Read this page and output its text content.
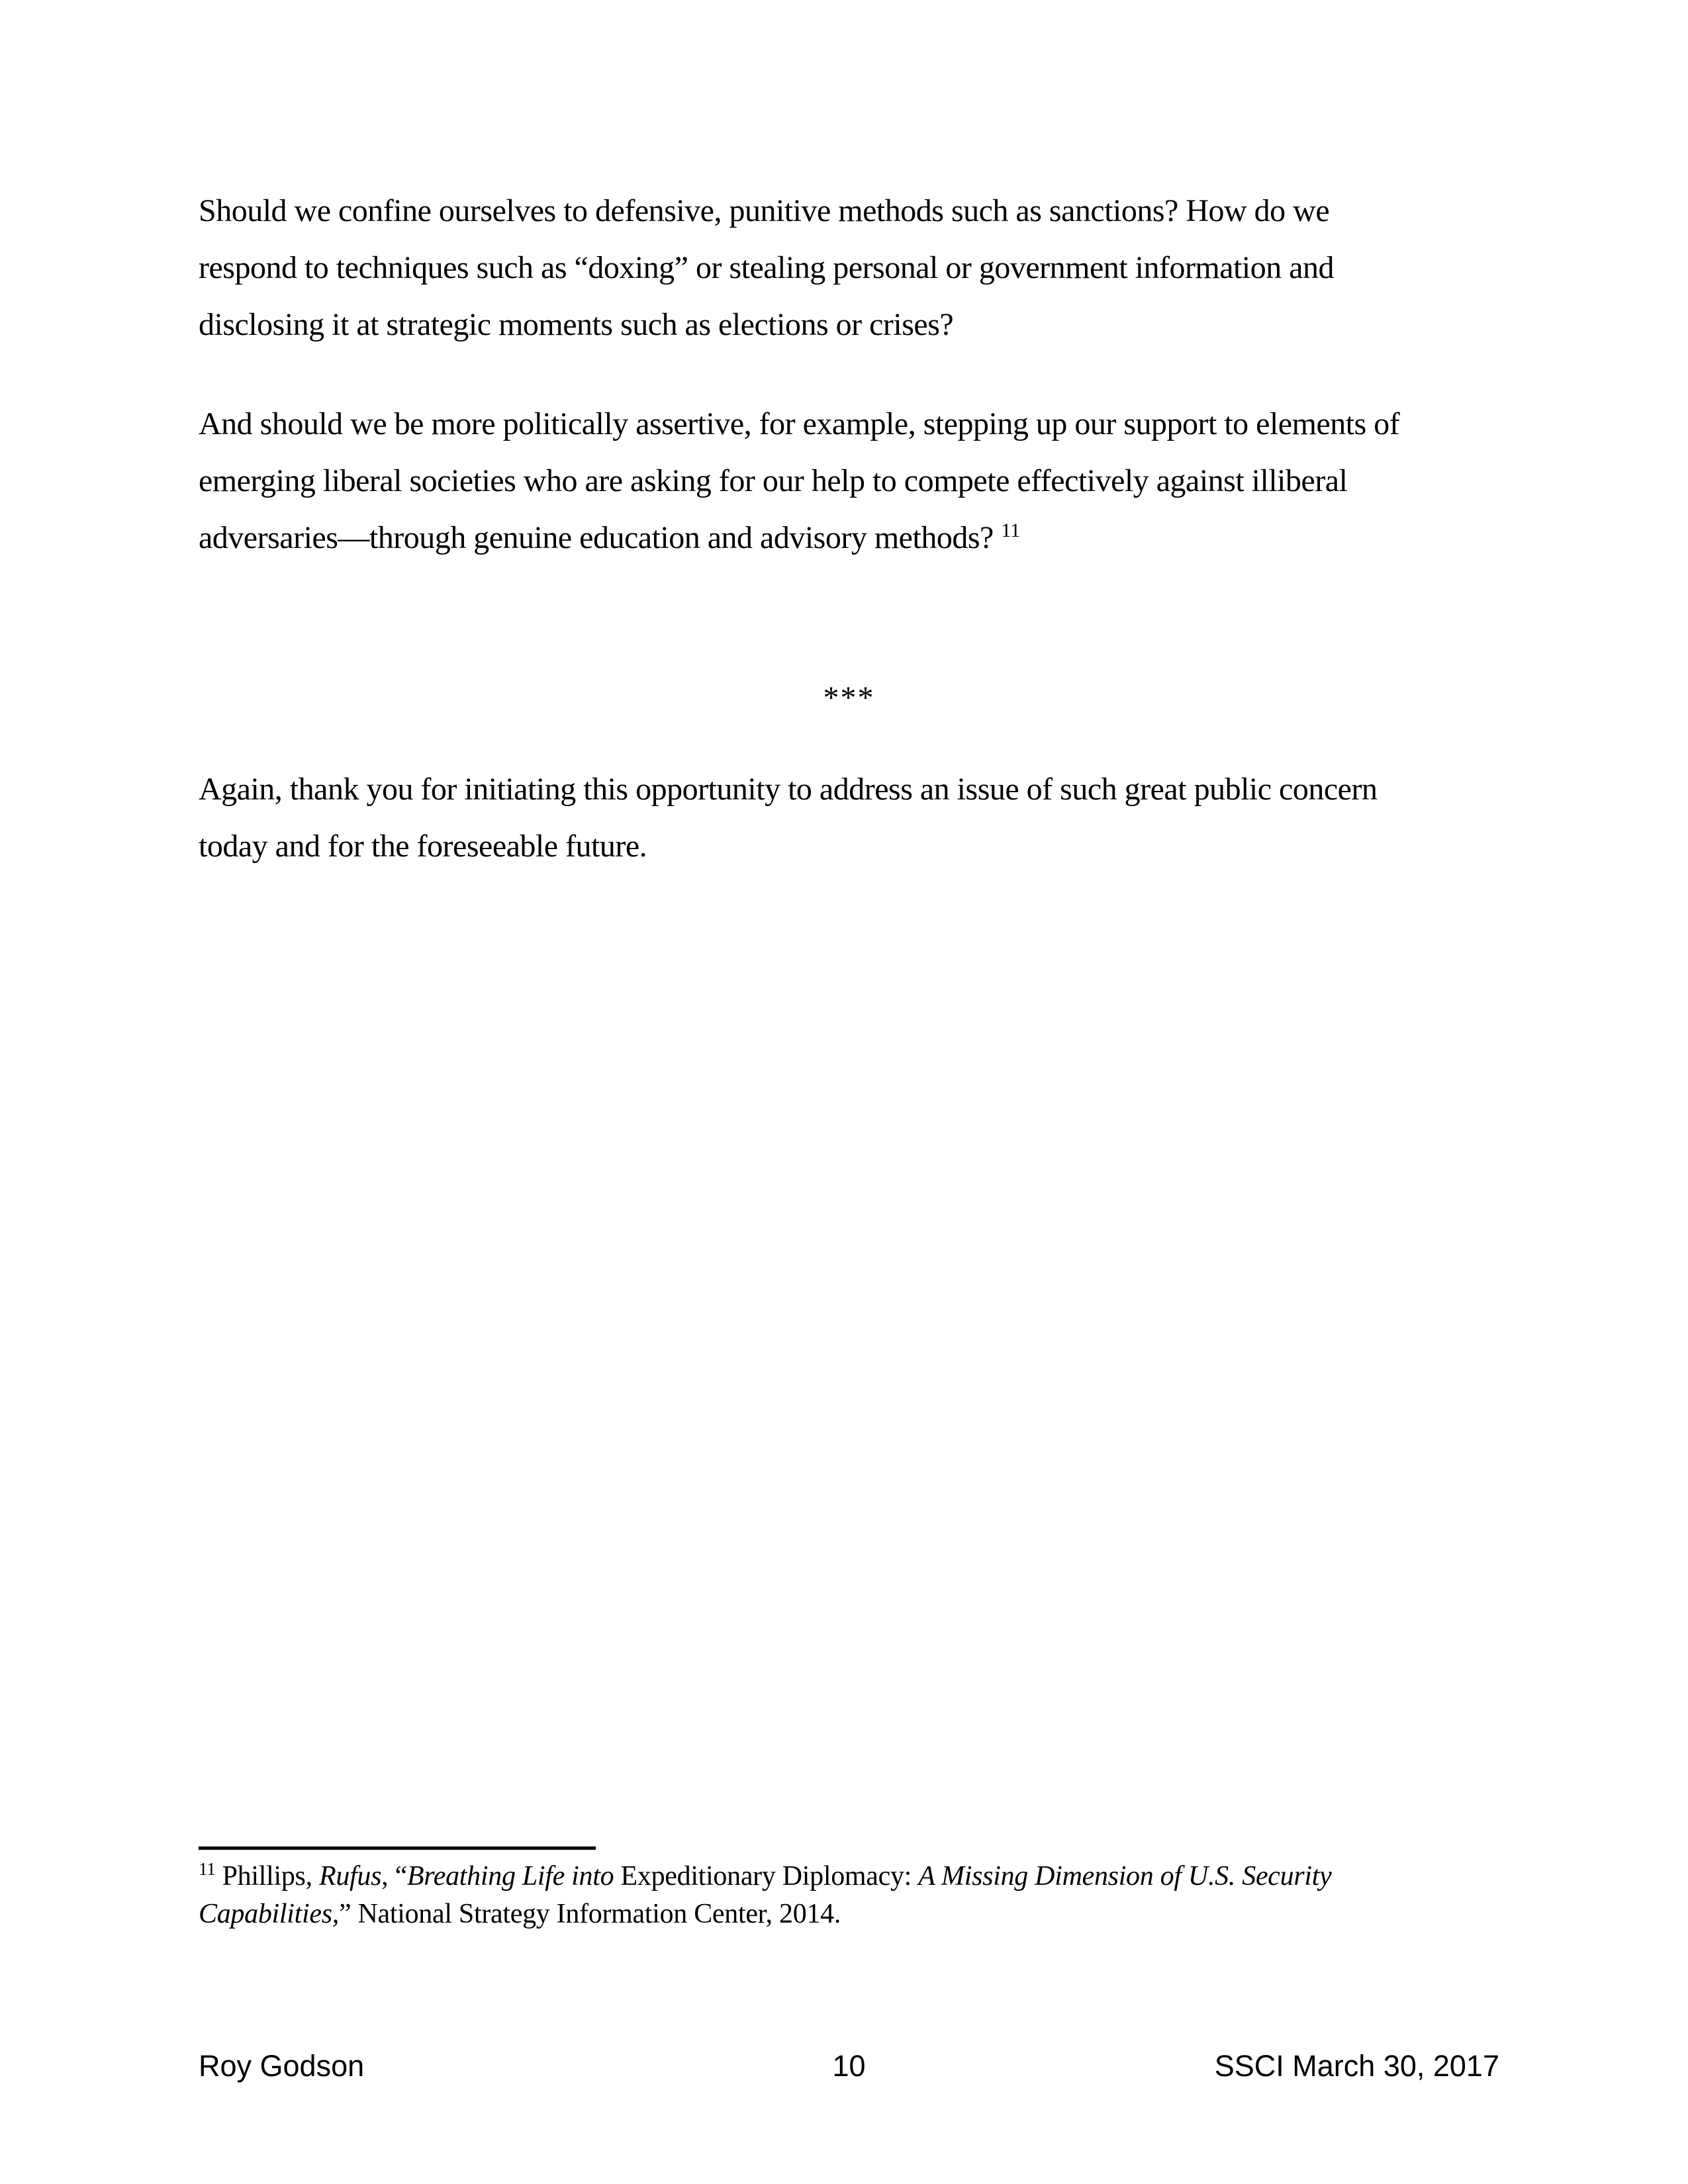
Should we confine ourselves to defensive, punitive methods such as sanctions? How do we
respond to techniques such as “doxing” or stealing personal or government information and
disclosing it at strategic moments such as elections or crises?
And should we be more politically assertive, for example, stepping up our support to elements of
emerging liberal societies who are asking for our help to compete effectively against illiberal
adversaries—through genuine education and advisory methods? $^{11}$
***
Again, thank you for initiating this opportunity to address an issue of such great public concern
today and for the foreseeable future.
$^{11}$ Phillips, Rufus, “Breathing Life into Expeditionary Diplomacy: A Missing Dimension of U.S. Security
Capabilities,” National Strategy Information Center, 2014.
Roy Godson	10	SSCI March 30, 2017
